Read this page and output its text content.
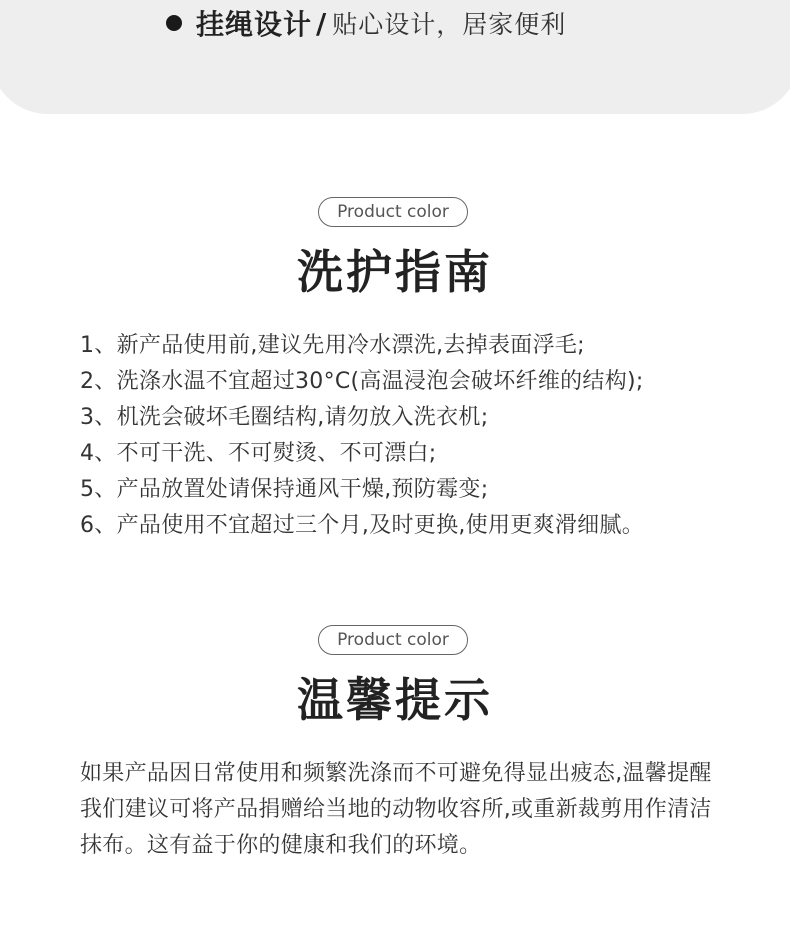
挂绳设计 / 贴心设计，居家便利
Product color
洗护指南
1、新产品使用前,建议先用冷水漂洗,去掉表面浮毛;
2、洗涤水温不宜超过30°C(高温浸泡会破坏纤维的结构);
3、机洗会破坏毛圈结构,请勿放入洗衣机;
4、不可干洗、不可熨烫、不可漂白;
5、产品放置处请保持通风干燥,预防霉变;
6、产品使用不宜超过三个月,及时更换,使用更爽滑细腻。
Product color
温馨提示

如果产品因日常使用和频繁洗涤而不可避免得显出疲态,温馨提醒我们建议可将产品捐赠给当地的动物收容所,或重新裁剪用作清洁抹布。这有益于你的健康和我们的环境。
